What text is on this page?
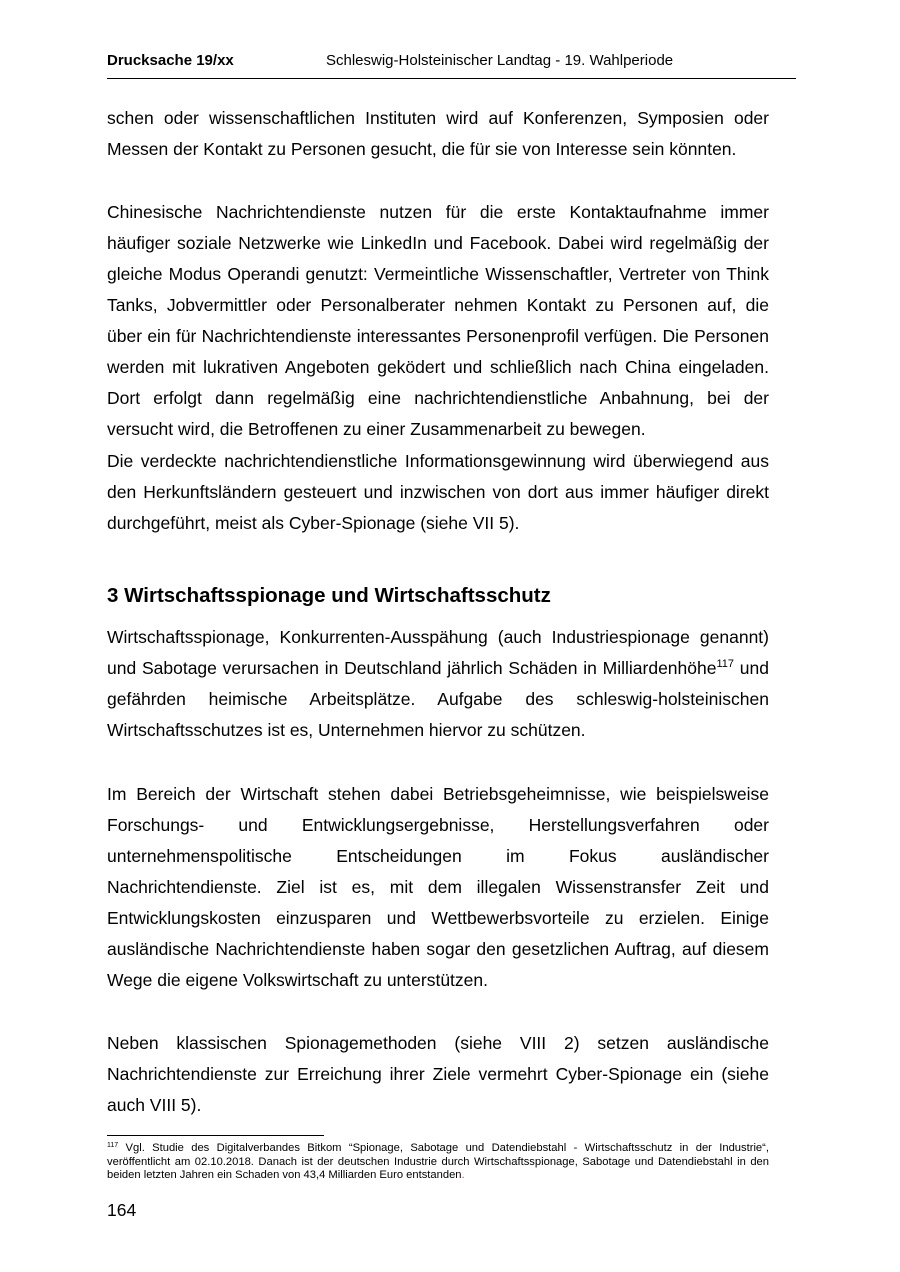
Drucksache 19/xx	Schleswig-Holsteinischer Landtag - 19. Wahlperiode

schen oder wissenschaftlichen Instituten wird auf Konferenzen, Symposien oder Messen der Kontakt zu Personen gesucht, die für sie von Interesse sein könnten.

Chinesische Nachrichtendienste nutzen für die erste Kontaktaufnahme immer häufiger soziale Netzwerke wie LinkedIn und Facebook. Dabei wird regelmäßig der gleiche Modus Operandi genutzt: Vermeintliche Wissenschaftler, Vertreter von Think Tanks, Jobvermittler oder Personalberater nehmen Kontakt zu Personen auf, die über ein für Nachrichtendienste interessantes Personenprofil verfügen. Die Personen werden mit lukrativen Angeboten geködert und schließlich nach China eingeladen. Dort erfolgt dann regelmäßig eine nachrichtendienstliche Anbahnung, bei der versucht wird, die Betroffenen zu einer Zusammenarbeit zu bewegen.

Die verdeckte nachrichtendienstliche Informationsgewinnung wird überwiegend aus den Herkunftsländern gesteuert und inzwischen von dort aus immer häufiger direkt durchgeführt, meist als Cyber-Spionage (siehe VII 5).

3 Wirtschaftsspionage und Wirtschaftsschutz

Wirtschaftsspionage, Konkurrenten-Ausspähung (auch Industriespionage genannt) und Sabotage verursachen in Deutschland jährlich Schäden in Milliardenhöhe$^{117}$ und gefährden heimische Arbeitsplätze. Aufgabe des schleswig-holsteinischen Wirtschaftsschutzes ist es, Unternehmen hiervor zu schützen.

Im Bereich der Wirtschaft stehen dabei Betriebsgeheimnisse, wie beispielsweise Forschungs- und Entwicklungsergebnisse, Herstellungsverfahren oder unternehmenspolitische Entscheidungen im Fokus ausländischer Nachrichtendienste. Ziel ist es, mit dem illegalen Wissenstransfer Zeit und Entwicklungskosten einzusparen und Wettbewerbsvorteile zu erzielen. Einige ausländische Nachrichtendienste haben sogar den gesetzlichen Auftrag, auf diesem Wege die eigene Volkswirtschaft zu unterstützen.

Neben klassischen Spionagemethoden (siehe VIII 2) setzen ausländische Nachrichtendienste zur Erreichung ihrer Ziele vermehrt Cyber-Spionage ein (siehe auch VIII 5).

$^{117}$ Vgl. Studie des Digitalverbandes Bitkom “Spionage, Sabotage und Datendiebstahl - Wirtschaftsschutz in der Industrie“, veröffentlicht am 02.10.2018. Danach ist der deutschen Industrie durch Wirtschaftsspionage, Sabotage und Datendiebstahl in den beiden letzten Jahren ein Schaden von 43,4 Milliarden Euro entstanden.

164
